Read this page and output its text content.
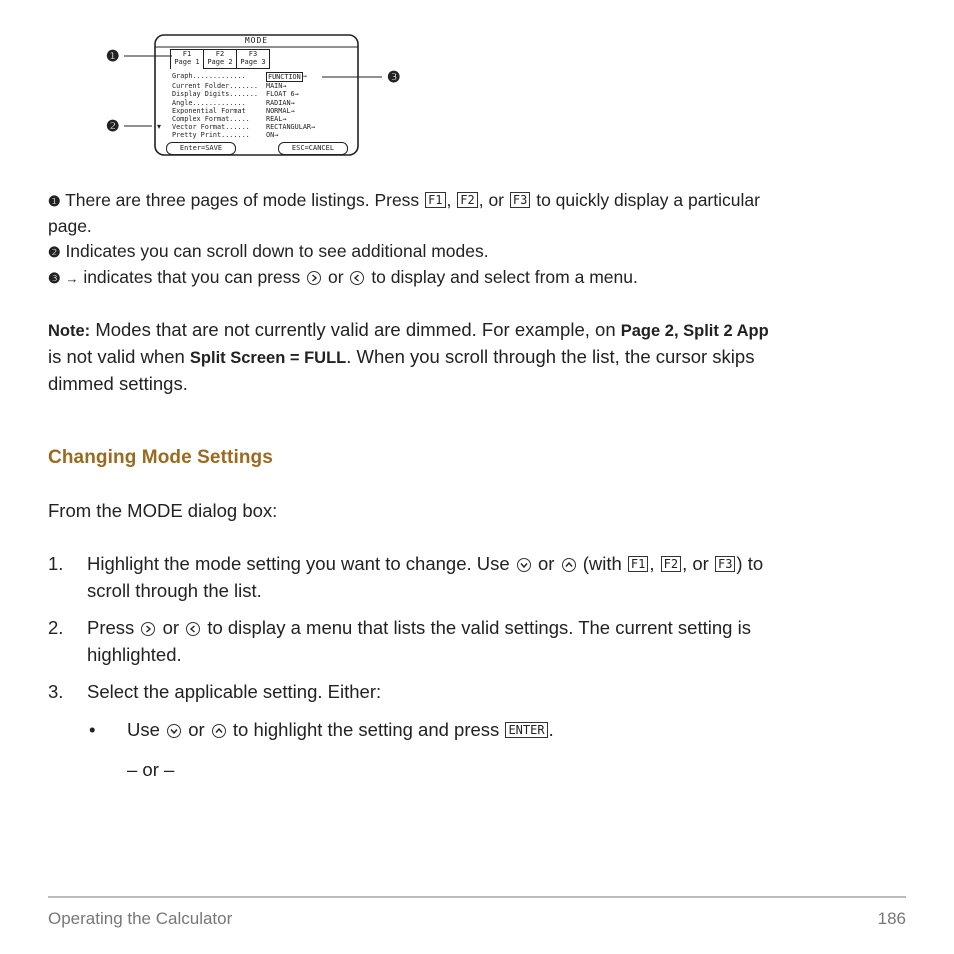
MODE
F1
Page 1
F2
Page 2
F3
Page 3
Graph.............	FUNCTION →
Current Folder.......	MAIN →
Display Digits.......	FLOAT 6 →
Angle.............	RADIAN →
Exponential Format	NORMAL →
Complex Format.....	REAL →
Vector Format......	RECTANGULAR →
Pretty Print.......	ON →
▾
Enter=SAVE	ESC=CANCEL
❶
❷
❸
❶ There are three pages of mode listings. Press F1 , F2 , or F3 to quickly display a particular
page.
❷ Indicates you can scroll down to see additional modes.
❸ → indicates that you can press or to display and select from a menu.
Note: Modes that are not currently valid are dimmed. For example, on Page 2, Split 2 App
is not valid when Split Screen = FULL. When you scroll through the list, the cursor skips
dimmed settings.
Changing Mode Settings
From the MODE dialog box:
1. Highlight the mode setting you want to change. Use or (with F1 , F2 , or F3 ) to
scroll through the list.
2. Press or to display a menu that lists the valid settings. The current setting is
highlighted.
3. Select the applicable setting. Either:
• Use or to highlight the setting and press ENTER .
– or –
Operating the Calculator	186
